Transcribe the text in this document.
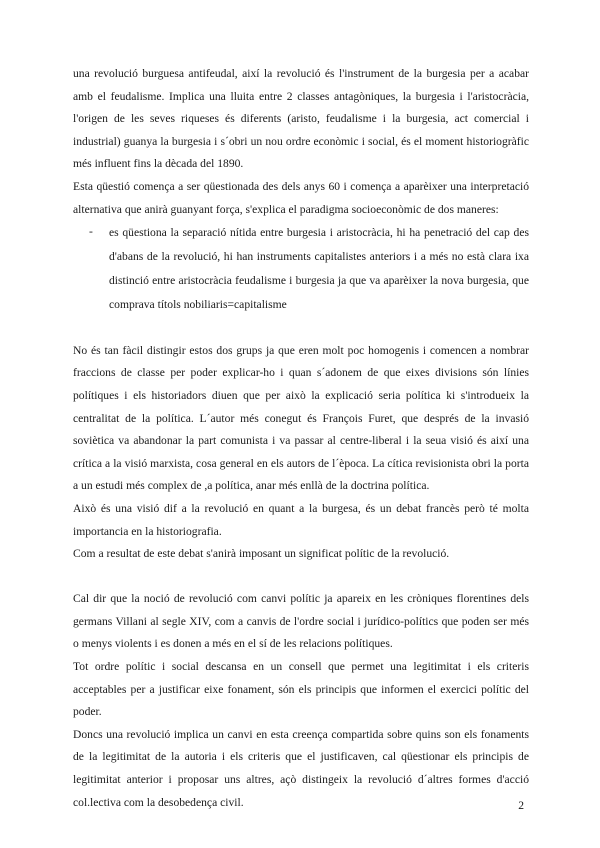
una revolució burguesa antifeudal, així la revolució és l'instrument de la burgesia per a acabar amb el feudalisme. Implica una lluita entre 2 classes antagòniques, la burgesia i l'aristocràcia, l'origen de les seves riqueses és diferents (aristo, feudalisme i la burgesia, act comercial i industrial) guanya la burgesia i s´obri un nou ordre econòmic i social, és el moment historiogràfic més influent fins la dècada del 1890.

Esta qüestió comença a ser qüestionada des dels anys 60 i comença a aparèixer una interpretació alternativa que anirà guanyant força, s'explica el paradigma socioeconòmic de dos maneres:

- es qüestiona la separació nítida entre burgesia i aristocràcia, hi ha penetració del cap des d'abans de la revolució, hi han instruments capitalistes anteriors i a més no està clara ixa distinció entre aristocràcia feudalisme i burgesia ja que va aparèixer la nova burgesia, que comprava títols nobiliaris=capitalisme

No és tan fàcil distingir estos dos grups ja que eren molt poc homogenis i comencen a nombrar fraccions de classe per poder explicar-ho i quan s´adonem de que eixes divisions són línies polítiques i els historiadors diuen que per això la explicació seria política ki s'introdueix la centralitat de la política. L´autor més conegut és François Furet, que després de la invasió soviètica va abandonar la part comunista i va passar al centre-liberal i la seua visió és així una crítica a la visió marxista, cosa general en els autors de l´època. La cítica revisionista obri la porta a un estudi més complex de ,a política, anar més enllà de la doctrina política.

Això és una visió dif a la revolució en quant a la burgesa, és un debat francès però té molta importancia en la historiografia.

Com a resultat de este debat s'anirà imposant un significat polític de la revolució.

Cal dir que la noció de revolució com canvi polític ja apareix en les cròniques florentines dels germans Villani al segle XIV, com a canvis de l'ordre social i jurídico-polítics que poden ser més o menys violents i es donen a més en el sí de les relacions polítiques.

Tot ordre polític i social descansa en un consell que permet una legitimitat i els criteris acceptables per a justificar eixe fonament, són els principis que informen el exercici polític del poder.

Doncs una revolució implica un canvi en esta creença compartida sobre quins son els fonaments de la legitimitat de la autoria i els criteris que el justificaven, cal qüestionar els principis de legitimitat anterior i proposar uns altres, açò distingeix la revolució d´altres formes d'acció col.lectiva com la desobedença civil.	2
